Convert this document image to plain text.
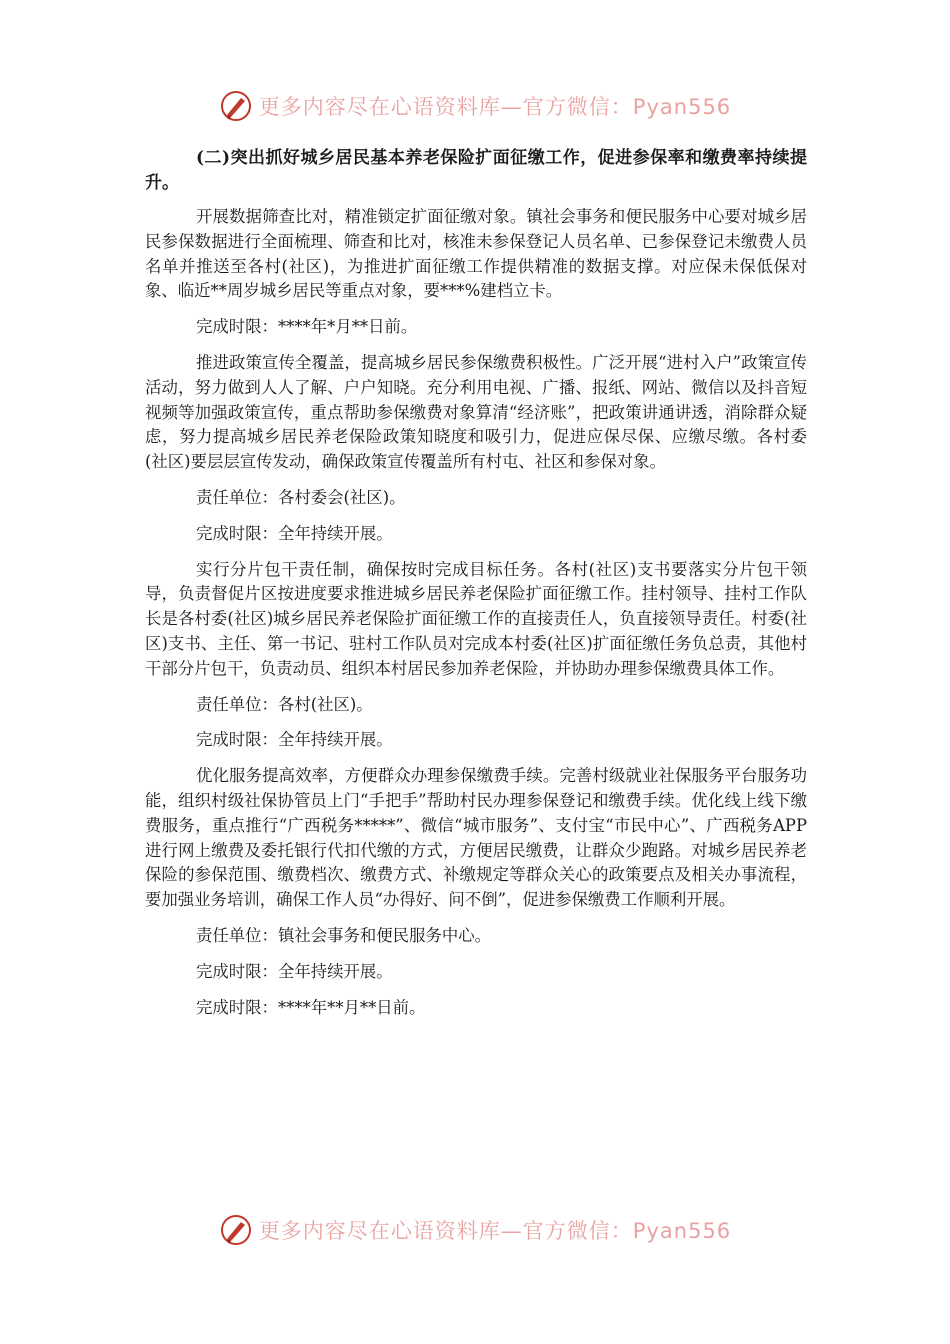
更多内容尽在心语资料库—官方微信：Pyan556

(二)突出抓好城乡居民基本养老保险扩面征缴工作，促进参保率和缴费率持续提升。

开展数据筛查比对，精准锁定扩面征缴对象。镇社会事务和便民服务中心要对城乡居民参保数据进行全面梳理、筛查和比对，核准未参保登记人员名单、已参保登记未缴费人员名单并推送至各村(社区)，为推进扩面征缴工作提供精准的数据支撑。对应保未保低保对象、临近**周岁城乡居民等重点对象，要***%建档立卡。

完成时限：****年*月**日前。

推进政策宣传全覆盖，提高城乡居民参保缴费积极性。广泛开展“进村入户”政策宣传活动，努力做到人人了解、户户知晓。充分利用电视、广播、报纸、网站、微信以及抖音短视频等加强政策宣传，重点帮助参保缴费对象算清“经济账”，把政策讲通讲透，消除群众疑虑，努力提高城乡居民养老保险政策知晓度和吸引力，促进应保尽保、应缴尽缴。各村委(社区)要层层宣传发动，确保政策宣传覆盖所有村屯、社区和参保对象。

责任单位：各村委会(社区)。

完成时限：全年持续开展。

实行分片包干责任制，确保按时完成目标任务。各村(社区)支书要落实分片包干领导，负责督促片区按进度要求推进城乡居民养老保险扩面征缴工作。挂村领导、挂村工作队长是各村委(社区)城乡居民养老保险扩面征缴工作的直接责任人，负直接领导责任。村委(社区)支书、主任、第一书记、驻村工作队员对完成本村委(社区)扩面征缴任务负总责，其他村干部分片包干，负责动员、组织本村居民参加养老保险，并协助办理参保缴费具体工作。

责任单位：各村(社区)。

完成时限：全年持续开展。

优化服务提高效率，方便群众办理参保缴费手续。完善村级就业社保服务平台服务功能，组织村级社保协管员上门“手把手”帮助村民办理参保登记和缴费手续。优化线上线下缴费服务，重点推行“广西税务*****”、微信“城市服务”、支付宝“市民中心”、广西税务APP进行网上缴费及委托银行代扣代缴的方式，方便居民缴费，让群众少跑路。对城乡居民养老保险的参保范围、缴费档次、缴费方式、补缴规定等群众关心的政策要点及相关办事流程，要加强业务培训，确保工作人员“办得好、问不倒”，促进参保缴费工作顺利开展。

责任单位：镇社会事务和便民服务中心。

完成时限：全年持续开展。

完成时限：****年**月**日前。

更多内容尽在心语资料库—官方微信：Pyan556
